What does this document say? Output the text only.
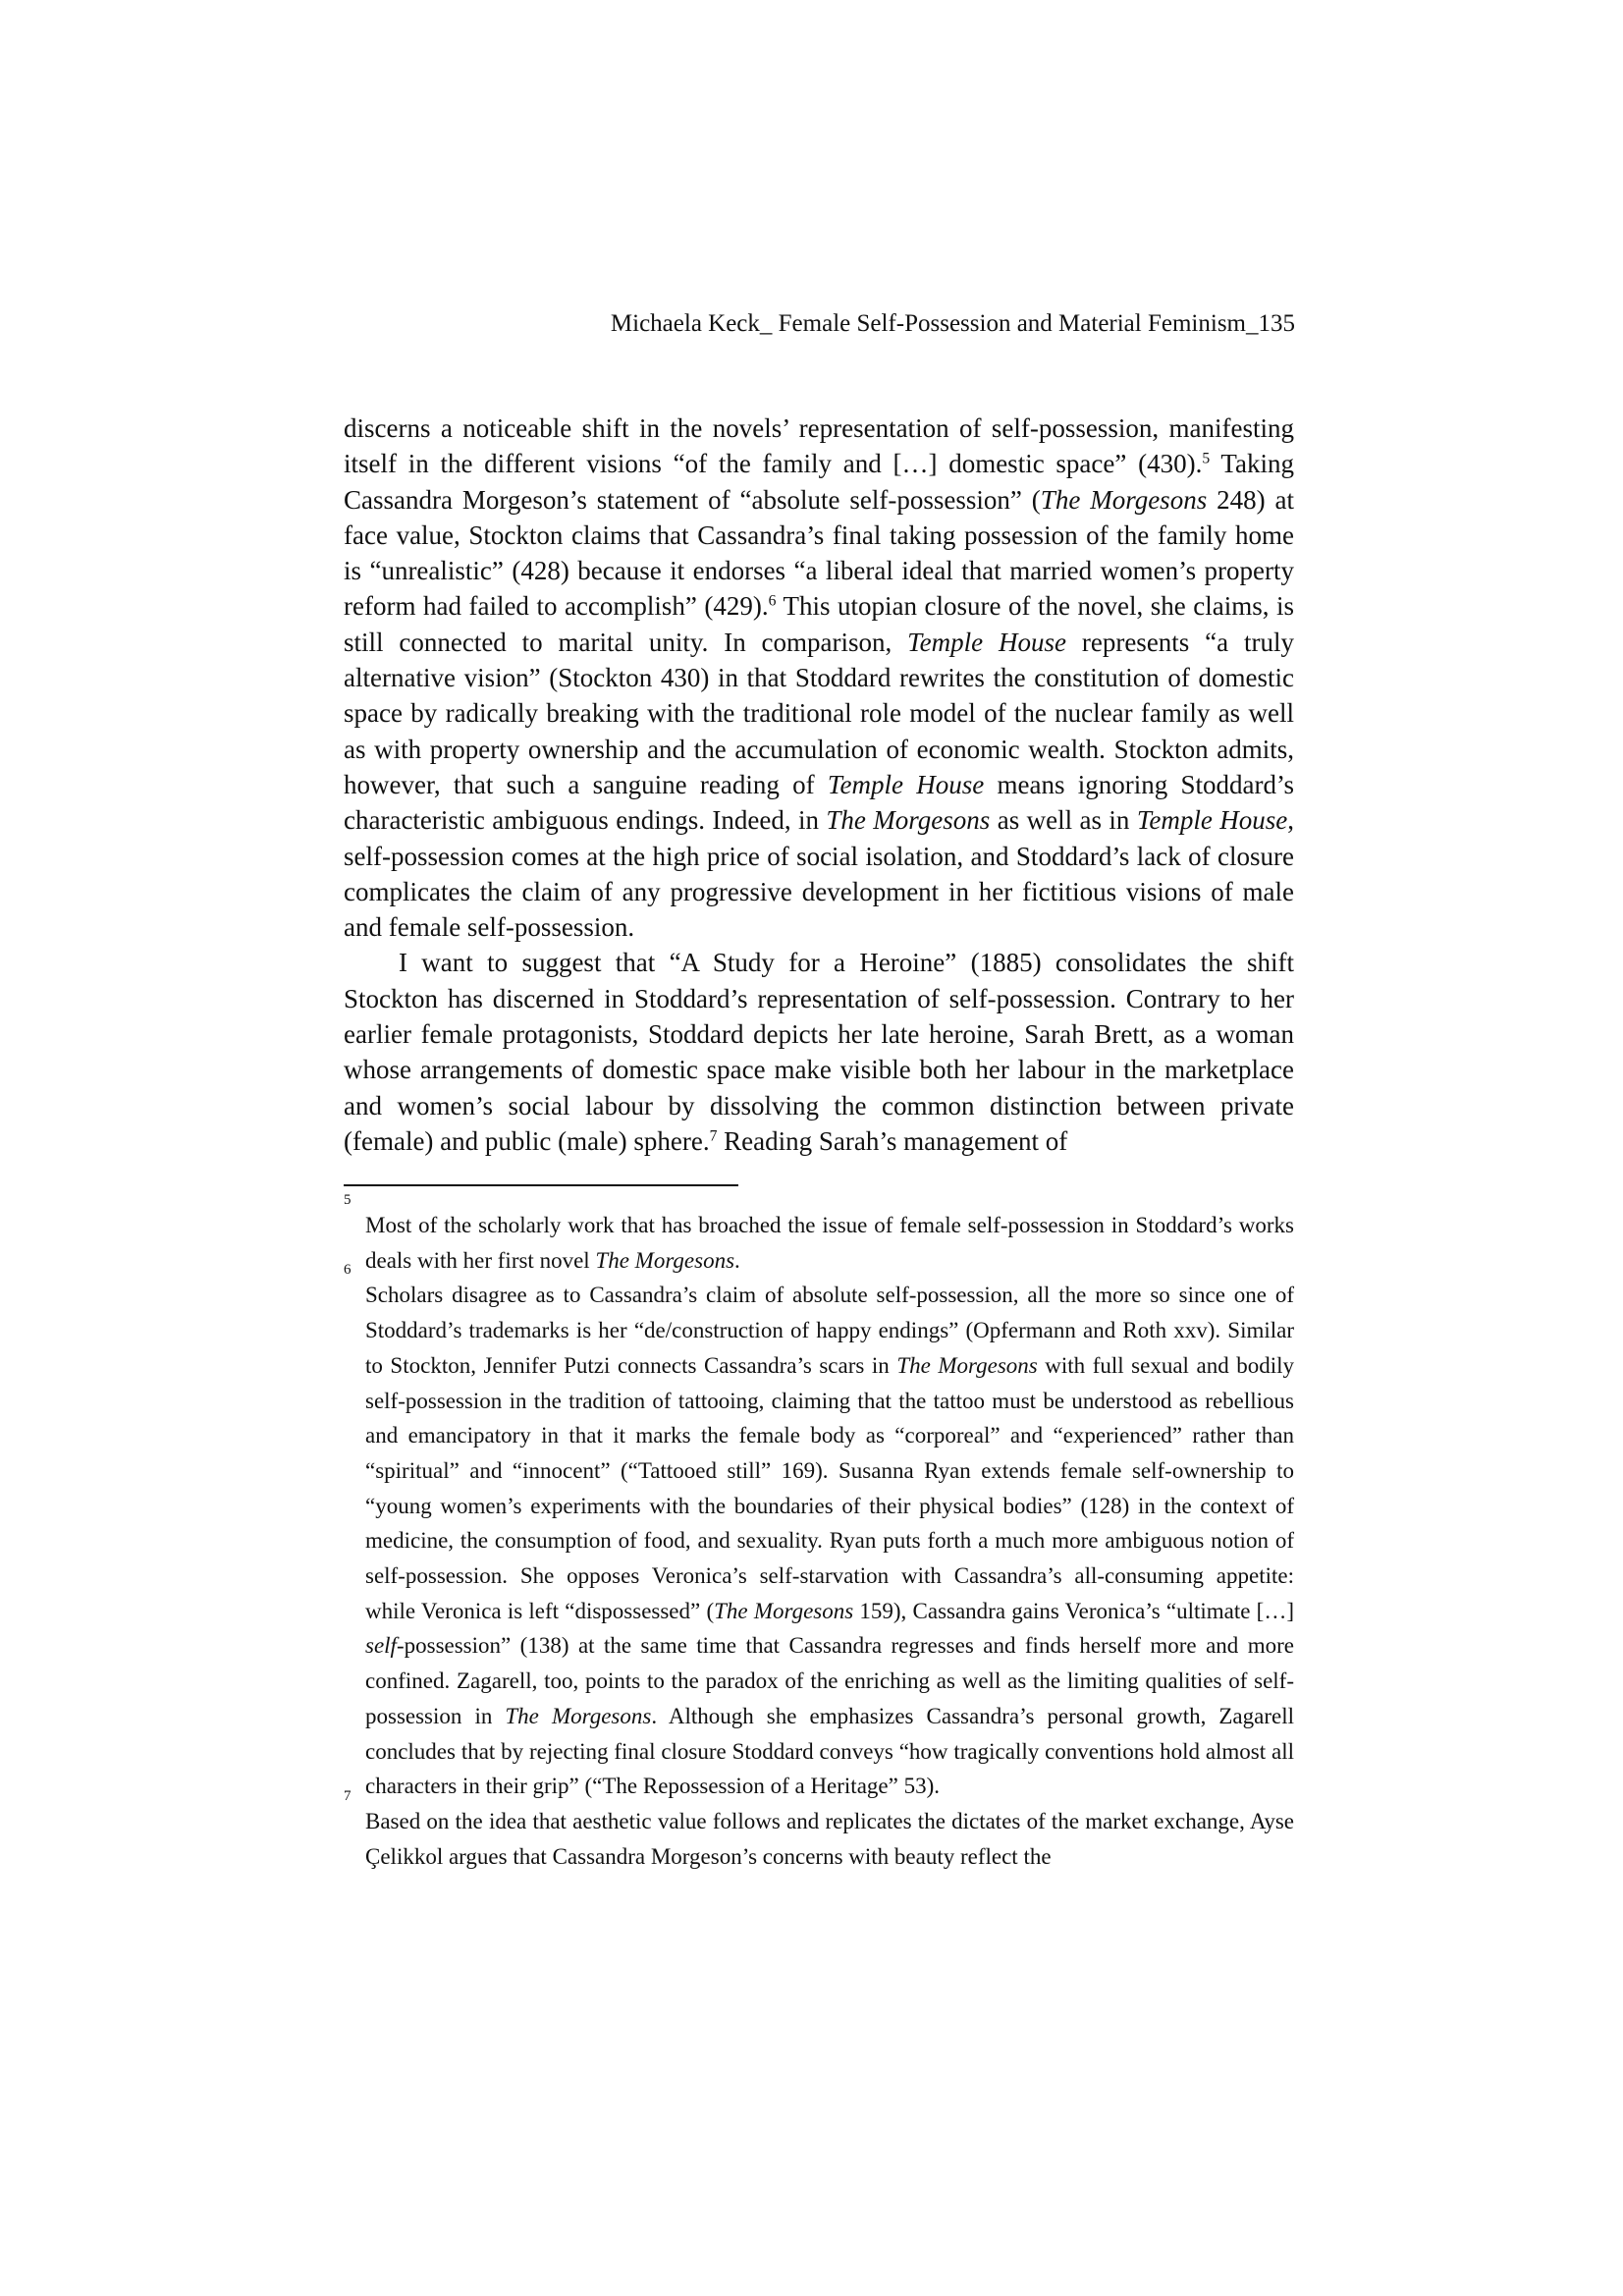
Michaela Keck_ Female Self-Possession and Material Feminism_135

discerns a noticeable shift in the novels’ representation of self-possession, manifesting itself in the different visions “of the family and […] domestic space” (430).$^5$ Taking Cassandra Morgeson’s statement of “absolute self-possession” (The Morgesons 248) at face value, Stockton claims that Cassandra’s final taking possession of the family home is “unrealistic” (428) because it endorses “a liberal ideal that married women’s property reform had failed to accomplish” (429).$^6$ This utopian closure of the novel, she claims, is still connected to marital unity. In comparison, Temple House represents “a truly alternative vision” (Stockton 430) in that Stoddard rewrites the constitution of domestic space by radically breaking with the traditional role model of the nuclear family as well as with property ownership and the accumulation of economic wealth. Stockton admits, however, that such a sanguine reading of Temple House means ignoring Stoddard’s characteristic ambiguous endings. Indeed, in The Morgesons as well as in Temple House, self-possession comes at the high price of social isolation, and Stoddard’s lack of closure complicates the claim of any progressive development in her fictitious visions of male and female self-possession.

I want to suggest that “A Study for a Heroine” (1885) consolidates the shift Stockton has discerned in Stoddard’s representation of self-possession. Contrary to her earlier female protagonists, Stoddard depicts her late heroine, Sarah Brett, as a woman whose arrangements of domestic space make visible both her labour in the marketplace and women’s social labour by dissolving the common distinction between private (female) and public (male) sphere.$^7$ Reading Sarah’s management of

5
Most of the scholarly work that has broached the issue of female self-possession in Stoddard’s works deals with her first novel The Morgesons.
6
Scholars disagree as to Cassandra’s claim of absolute self-possession, all the more so since one of Stoddard’s trademarks is her “de/construction of happy endings” (Opfermann and Roth xxv). Similar to Stockton, Jennifer Putzi connects Cassandra’s scars in The Morgesons with full sexual and bodily self-possession in the tradition of tattooing, claiming that the tattoo must be understood as rebellious and emancipatory in that it marks the female body as “corporeal” and “experienced” rather than “spiritual” and “innocent” (“Tattooed still” 169). Susanna Ryan extends female self-ownership to “young women’s experiments with the boundaries of their physical bodies” (128) in the context of medicine, the consumption of food, and sexuality. Ryan puts forth a much more ambiguous notion of self-possession. She opposes Veronica’s self-starvation with Cassandra’s all-consuming appetite: while Veronica is left “dispossessed” (The Morgesons 159), Cassandra gains Veronica’s “ultimate […] self-possession” (138) at the same time that Cassandra regresses and finds herself more and more confined. Zagarell, too, points to the paradox of the enriching as well as the limiting qualities of self-possession in The Morgesons. Although she emphasizes Cassandra’s personal growth, Zagarell concludes that by rejecting final closure Stoddard conveys “how tragically conventions hold almost all characters in their grip” (“The Repossession of a Heritage” 53).
7
Based on the idea that aesthetic value follows and replicates the dictates of the market exchange, Ayse Çelikkol argues that Cassandra Morgeson’s concerns with beauty reflect the
